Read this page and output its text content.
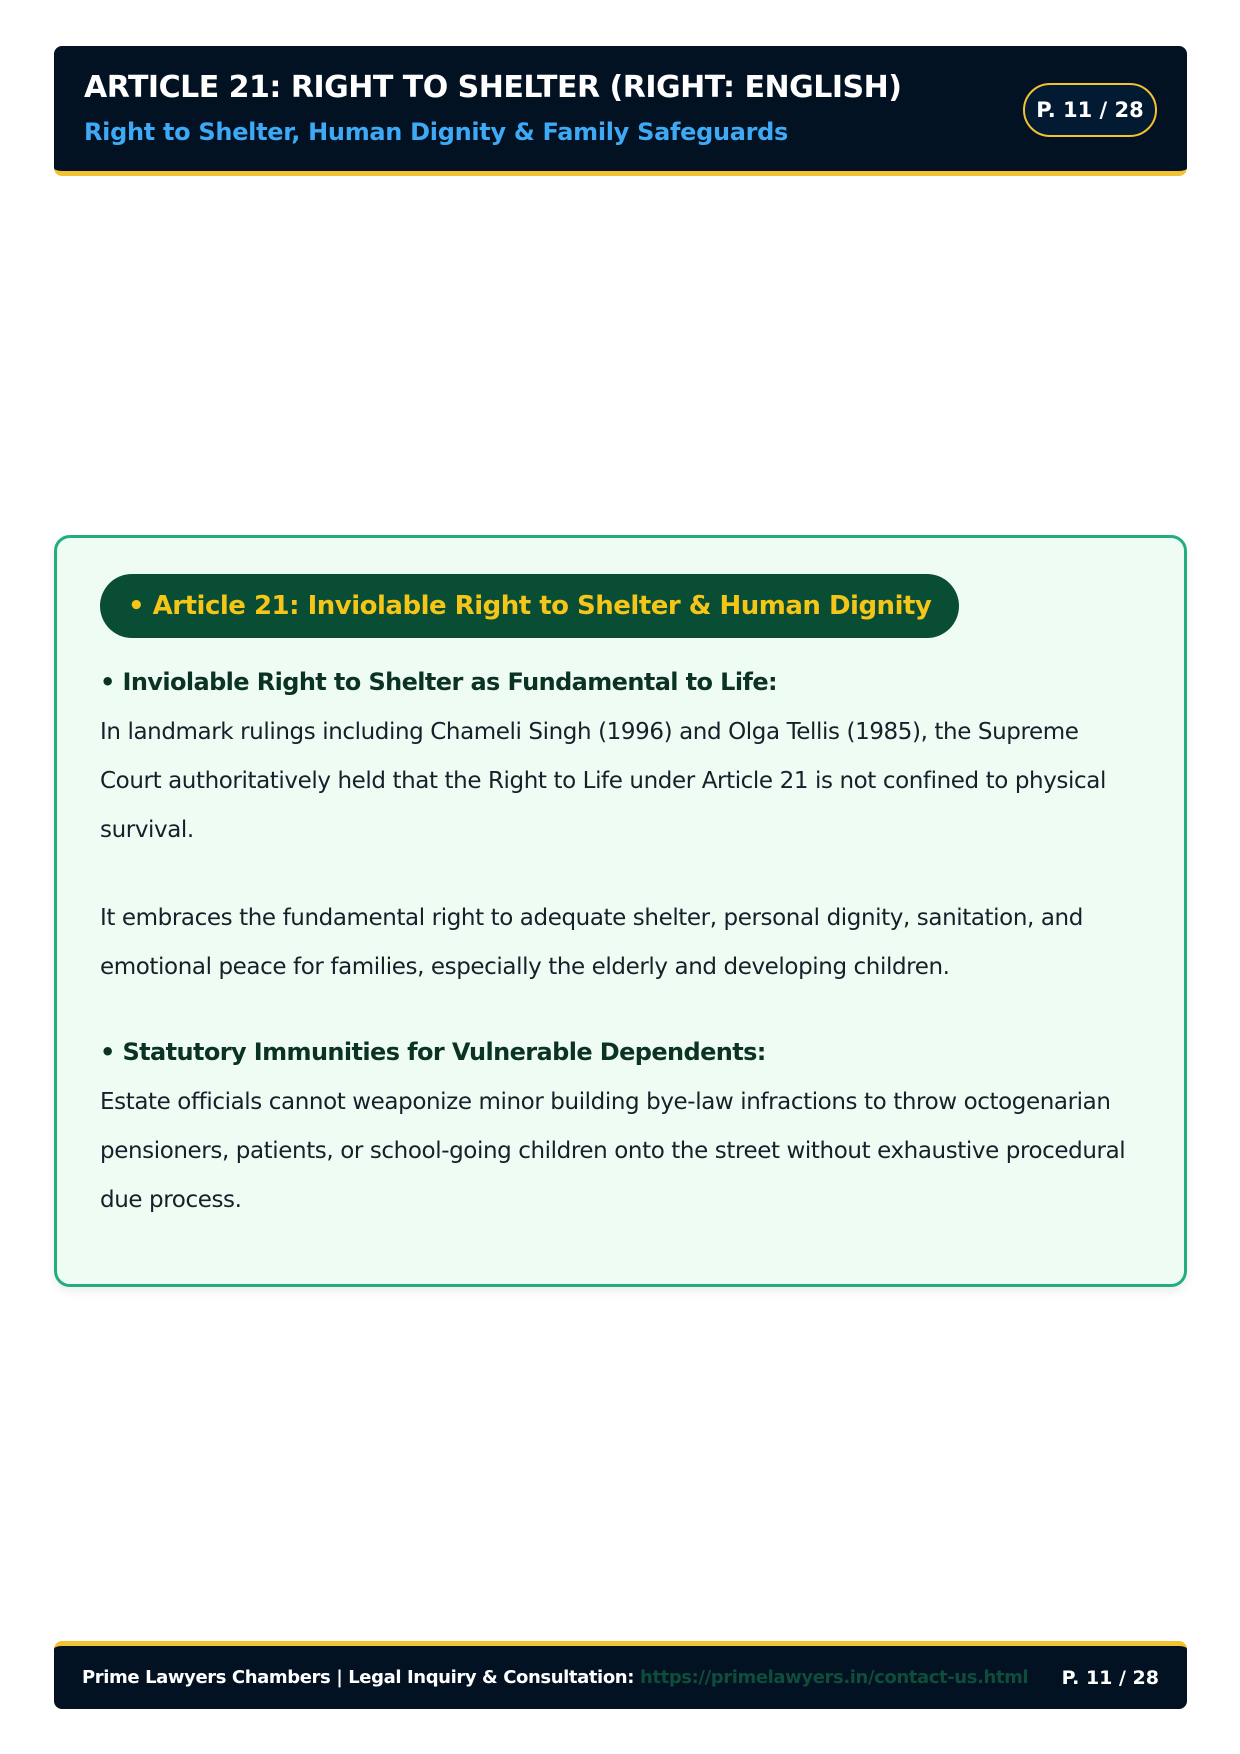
ARTICLE 21: RIGHT TO SHELTER (RIGHT: ENGLISH)
Right to Shelter, Human Dignity & Family Safeguards
P. 11 / 28
• Article 21: Inviolable Right to Shelter & Human Dignity
• Inviolable Right to Shelter as Fundamental to Life:
In landmark rulings including Chameli Singh (1996) and Olga Tellis (1985), the Supreme Court authoritatively held that the Right to Life under Article 21 is not confined to physical survival.
It embraces the fundamental right to adequate shelter, personal dignity, sanitation, and emotional peace for families, especially the elderly and developing children.
• Statutory Immunities for Vulnerable Dependents:
Estate officials cannot weaponize minor building bye-law infractions to throw octogenarian pensioners, patients, or school-going children onto the street without exhaustive procedural due process.
Prime Lawyers Chambers | Legal Inquiry & Consultation: https://primelawyers.in/contact-us.html P. 11 / 28
